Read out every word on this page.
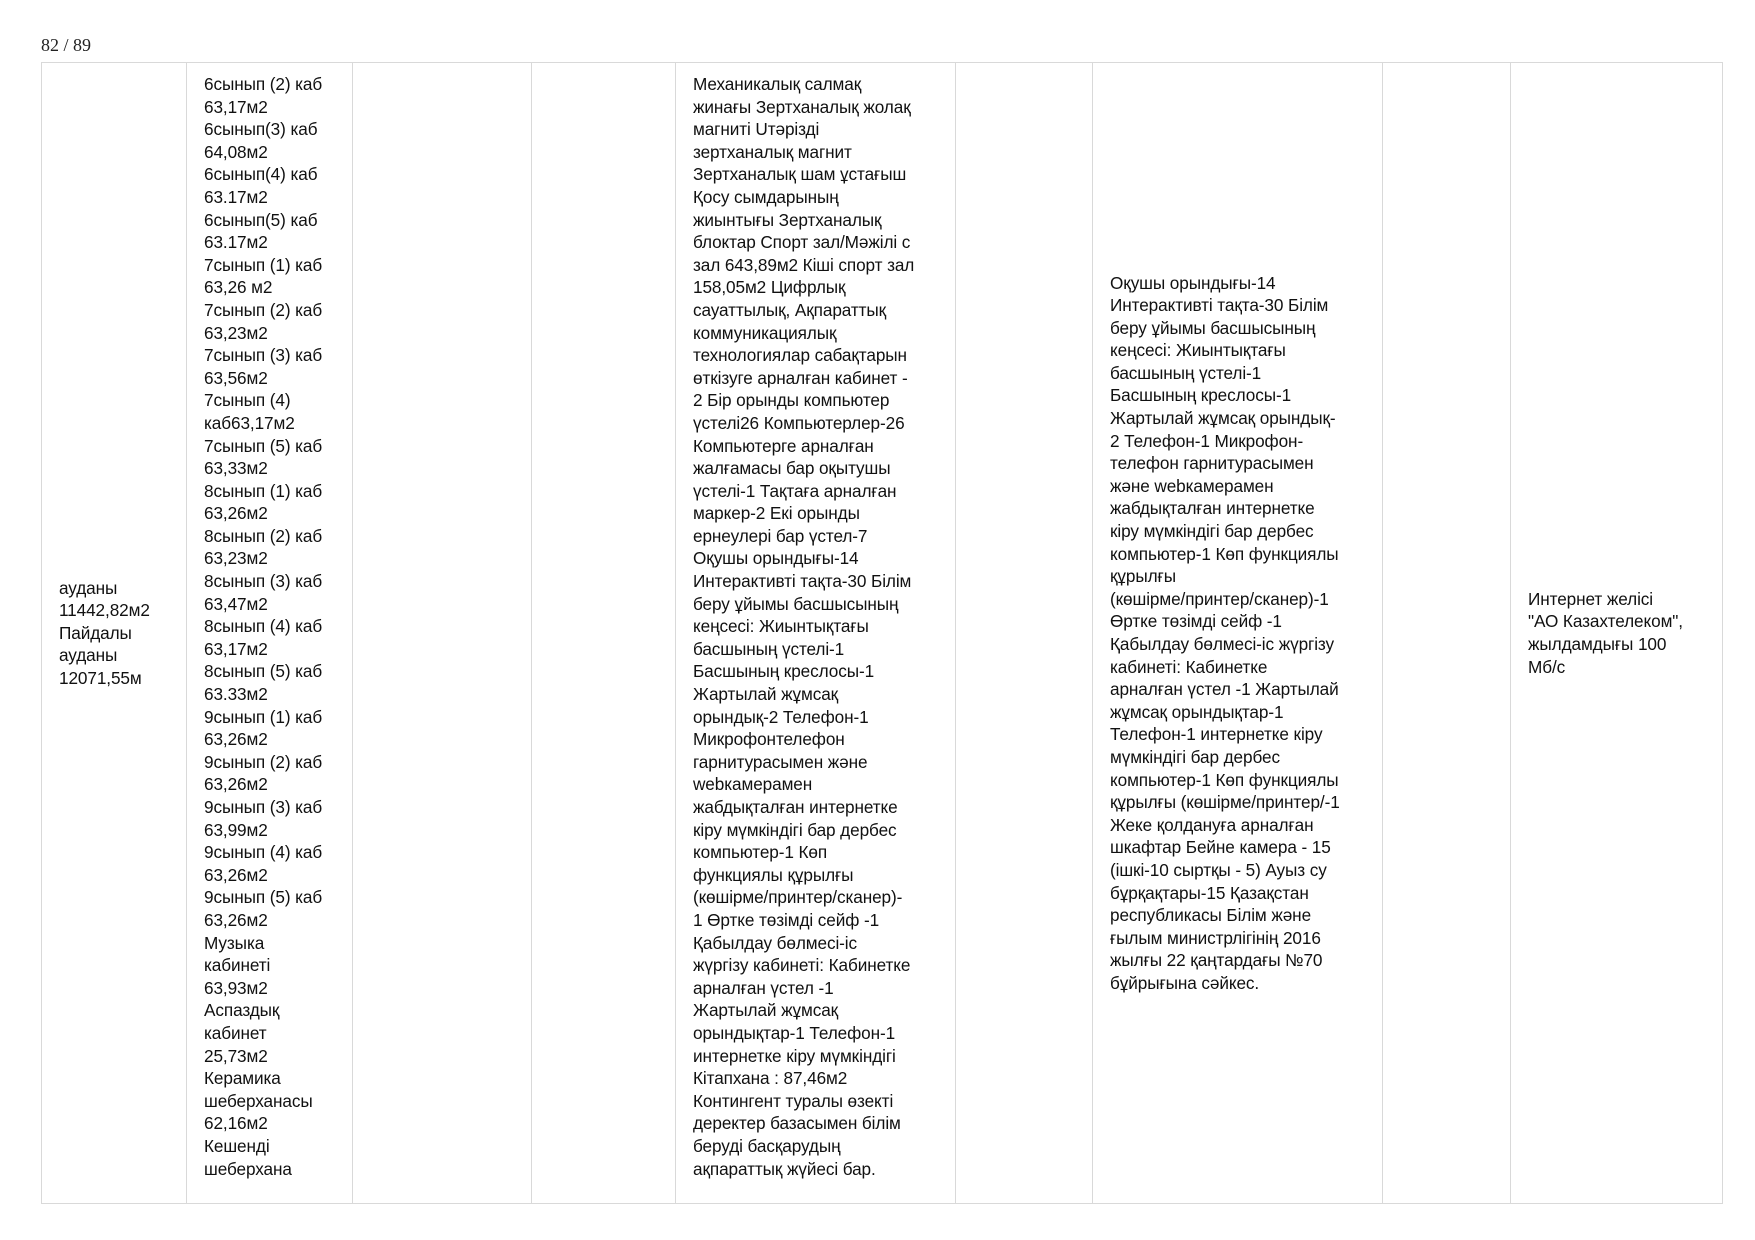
82 / 89
ауданы
11442,82м2
Пайдалы
ауданы
12071,55м	6сынып (2) каб
63,17м2
6сынып(3) каб
64,08м2
6сынып(4) каб
63.17м2
6сынып(5) каб
63.17м2
7сынып (1) каб
63,26 м2
7сынып (2) каб
63,23м2
7сынып (3) каб
63,56м2
7сынып (4)
каб63,17м2
7сынып (5) каб
63,33м2
8сынып (1) каб
63,26м2
8сынып (2) каб
63,23м2
8сынып (3) каб
63,47м2
8сынып (4) каб
63,17м2
8сынып (5) каб
63.33м2
9сынып (1) каб
63,26м2
9сынып (2) каб
63,26м2
9сынып (3) каб
63,99м2
9сынып (4) каб
63,26м2
9сынып (5) каб
63,26м2
Музыка
кабинеті
63,93м2
Аспаздық
кабинет
25,73м2
Керамика
шеберханасы
62,16м2
Кешенді
шеберхана			Механикалық салмақ
жинағы Зертханалық жолақ
магниті Uтәрізді
зертханалық магнит
Зертханалық шам ұстағыш
Қосу сымдарының
жиынтығы Зертханалық
блоктар Спорт зал/Мәжілі с
зал 643,89м2 Кіші спорт зал
158,05м2 Цифрлық
сауаттылық, Ақпараттық
коммуникациялық
технологиялар сабақтарын
өткізуге арналған кабинет -
2 Бір орынды компьютер
үстелі26 Компьютерлер-26
Компьютерге арналған
жалғамасы бар оқытушы
үстелі-1 Тақтаға арналған
маркер-2 Екі орынды
ернеулері бар үстел-7
Оқушы орындығы-14
Интерактивті тақта-30 Білім
беру ұйымы басшысының
кеңсесі: Жиынтықтағы
басшының үстелі-1
Басшының креслосы-1
Жартылай жұмсақ
орындық-2 Телефон-1
Микрофонтелефон
гарнитурасымен және
webкамерамен
жабдықталған интернетке
кіру мүмкіндігі бар дербес
компьютер-1 Көп
функциялы құрылғы
(көшірме/принтер/сканер)-
1 Өртке төзімді сейф -1
Қабылдау бөлмесі-іс
жүргізу кабинеті: Кабинетке
арналған үстел -1
Жартылай жұмсақ
орындықтар-1 Телефон-1
интернетке кіру мүмкіндігі
Кітапхана : 87,46м2
Контингент туралы өзекті
деректер базасымен білім
беруді басқарудың
ақпараттық жүйесі бар.		Оқушы орындығы-14
Интерактивті тақта-30 Білім
беру ұйымы басшысының
кеңсесі: Жиынтықтағы
басшының үстелі-1
Басшының креслосы-1
Жартылай жұмсақ орындық-
2 Телефон-1 Микрофон-
телефон гарнитурасымен
және webкамерамен
жабдықталған интернетке
кіру мүмкіндігі бар дербес
компьютер-1 Көп функциялы
құрылғы
(көшірме/принтер/сканер)-1
Өртке төзімді сейф -1
Қабылдау бөлмесі-іс жүргізу
кабинеті: Кабинетке
арналған үстел -1 Жартылай
жұмсақ орындықтар-1
Телефон-1 интернетке кіру
мүмкіндігі бар дербес
компьютер-1 Көп функциялы
құрылғы (көшірме/принтер/-1
Жеке қолдануға арналған
шкафтар Бейне камера - 15
(ішкі-10 сыртқы - 5) Ауыз су
бұрқақтары-15 Қазақстан
республикасы Білім және
ғылым министрлігінің 2016
жылғы 22 қаңтардағы №70
бұйрығына сәйкес.		Интернет желісі
"АО Казахтелеком",
жылдамдығы 100
Мб/с
